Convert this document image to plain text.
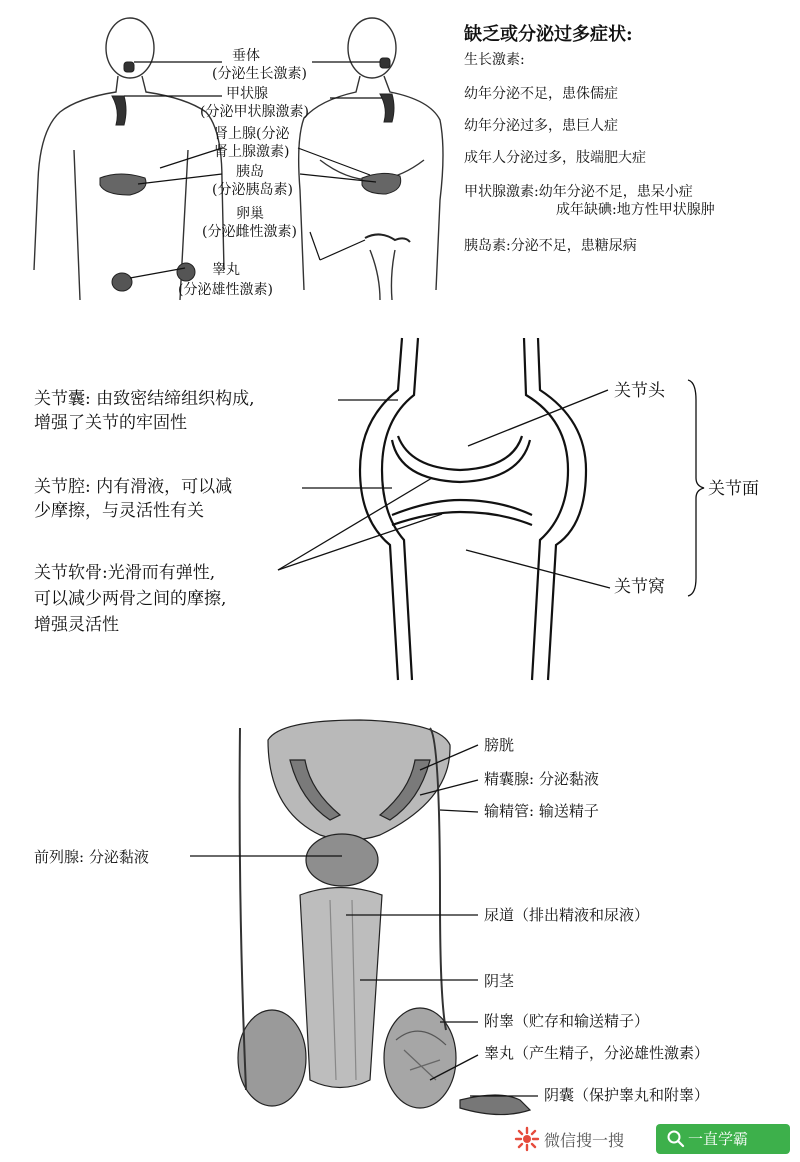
垂体
(分泌生长激素)
甲状腺
(分泌甲状腺激素)
肾上腺(分泌
肾上腺激素)
胰岛
(分泌胰岛素)
卵巢
(分泌雌性激素)
睾丸
(分泌雄性激素)
缺乏或分泌过多症状:
生长激素:
幼年分泌不足，患侏儒症
幼年分泌过多，患巨人症
成年人分泌过多，肢端肥大症
甲状腺激素:幼年分泌不足，患呆小症
成年缺碘:地方性甲状腺肿
胰岛素:分泌不足，患糖尿病
关节囊: 由致密结缔组织构成,
增强了关节的牢固性
关节腔: 内有滑液，可以减
少摩擦，与灵活性有关
关节软骨:光滑而有弹性,
可以减少两骨之间的摩擦,
增强灵活性
关节头
关节窝
关节面
膀胱
精囊腺: 分泌黏液
输精管: 输送精子
前列腺: 分泌黏液
尿道（排出精液和尿液）
阴茎
附睾（贮存和输送精子）
睾丸（产生精子，分泌雄性激素）
阴囊（保护睾丸和附睾）
微信搜一搜	一直学霸
